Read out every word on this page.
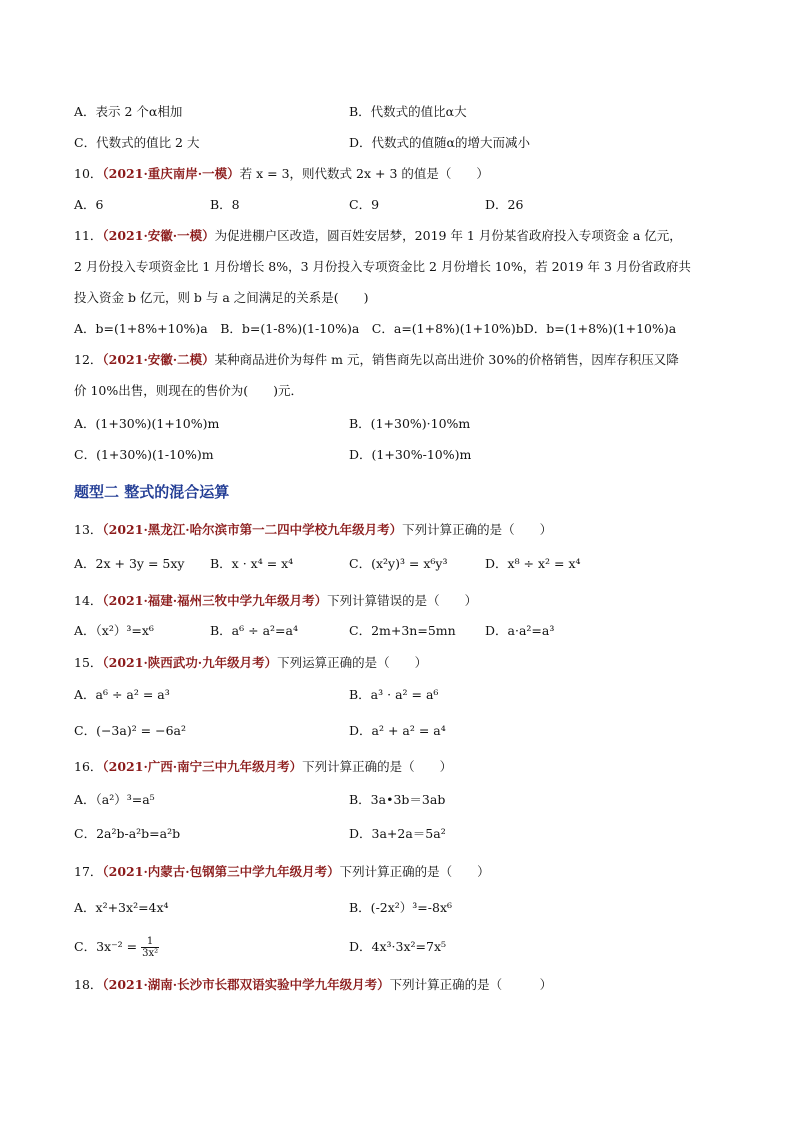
A．表示 2 个α相加	B．代数式的值比α大
C．代数式的值比 2 大	D．代数式的值随α的增大而减小
10．（2021·重庆南岸·一模）若 x = 3，则代数式 2x + 3 的值是（　　）
A．6	B．8	C．9	D．26
11．（2021·安徽·一模）为促进棚户区改造，圆百姓安居梦，2019 年 1 月份某省政府投入专项资金 a 亿元，
2 月份投入专项资金比 1 月份增长 8%，3 月份投入专项资金比 2 月份增长 10%，若 2019 年 3 月份省政府共
投入资金 b 亿元，则 b 与 a 之间满足的关系是(　　)
A．b=(1+8%+10%)a　B．b=(1-8%)(1-10%)a　C．a=(1+8%)(1+10%)bD．b=(1+8%)(1+10%)a
12．（2021·安徽·二模）某种商品进价为每件 m 元，销售商先以高出进价 30%的价格销售，因库存积压又降
价 10%出售，则现在的售价为(　　)元．
A．(1+30%)(1+10%)m	B．(1+30%)·10%m
C．(1+30%)(1-10%)m	D．(1+30%-10%)m
题型二 整式的混合运算
13．（2021·黑龙江·哈尔滨市第一二四中学校九年级月考）下列计算正确的是（　　）
A．2x + 3y = 5xy B．x · x⁴ = x⁴	C．(x²y)³ = x⁶y³	D．x⁸ ÷ x² = x⁴
14．（2021·福建·福州三牧中学九年级月考）下列计算错误的是（　　）
A．（x²）³=x⁶	B．a⁶ ÷ a²=a⁴	C．2m+3n=5mn D．a·a²=a³
15．（2021·陕西武功·九年级月考）下列运算正确的是（　　）
A．a⁶ ÷ a² = a³	B．a³ · a² = a⁶
C．(−3a)² = −6a²	D．a² + a² = a⁴
16．（2021·广西·南宁三中九年级月考）下列计算正确的是（　　）
A．（a²）³=a⁵	B．3a•3b＝3ab
C．2a²b-a²b=a²b	D．3a+2a＝5a²
17．（2021·内蒙古·包钢第三中学九年级月考）下列计算正确的是（　　）
A．x²+3x²=4x⁴	B．(-2x²）³=-8x⁶
C．$3x^{-2} = \frac{1}{\text{3x²}}$	D．4x³·3x²=7x⁵
18．（2021·湖南·长沙市长郡双语实验中学九年级月考）下列计算正确的是（　　　）
